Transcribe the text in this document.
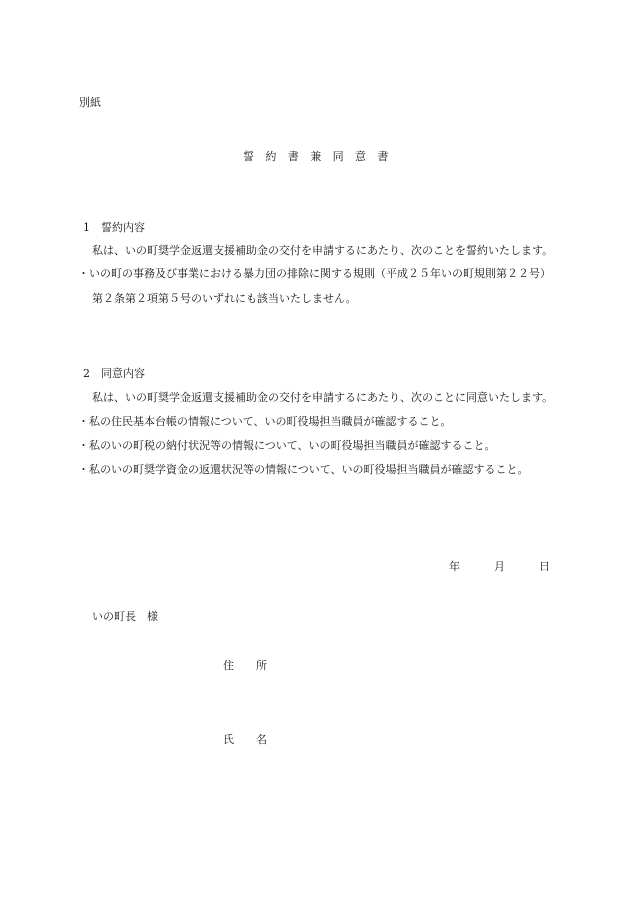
別紙
誓　約　書　兼　同　意　書
1　誓約内容
私は、いの町奨学金返還支援補助金の交付を申請するにあたり、次のことを誓約いたします。
・いの町の事務及び事業における暴力団の排除に関する規則（平成２５年いの町規則第２２号）
第２条第２項第５号のいずれにも該当いたしません。
2　同意内容
私は、いの町奨学金返還支援補助金の交付を申請するにあたり、次のことに同意いたします。
・私の住民基本台帳の情報について、いの町役場担当職員が確認すること。
・私のいの町税の納付状況等の情報について、いの町役場担当職員が確認すること。
・私のいの町奨学資金の返還状況等の情報について、いの町役場担当職員が確認すること。
年	月	日
いの町長　様
住　　所
氏　　名
